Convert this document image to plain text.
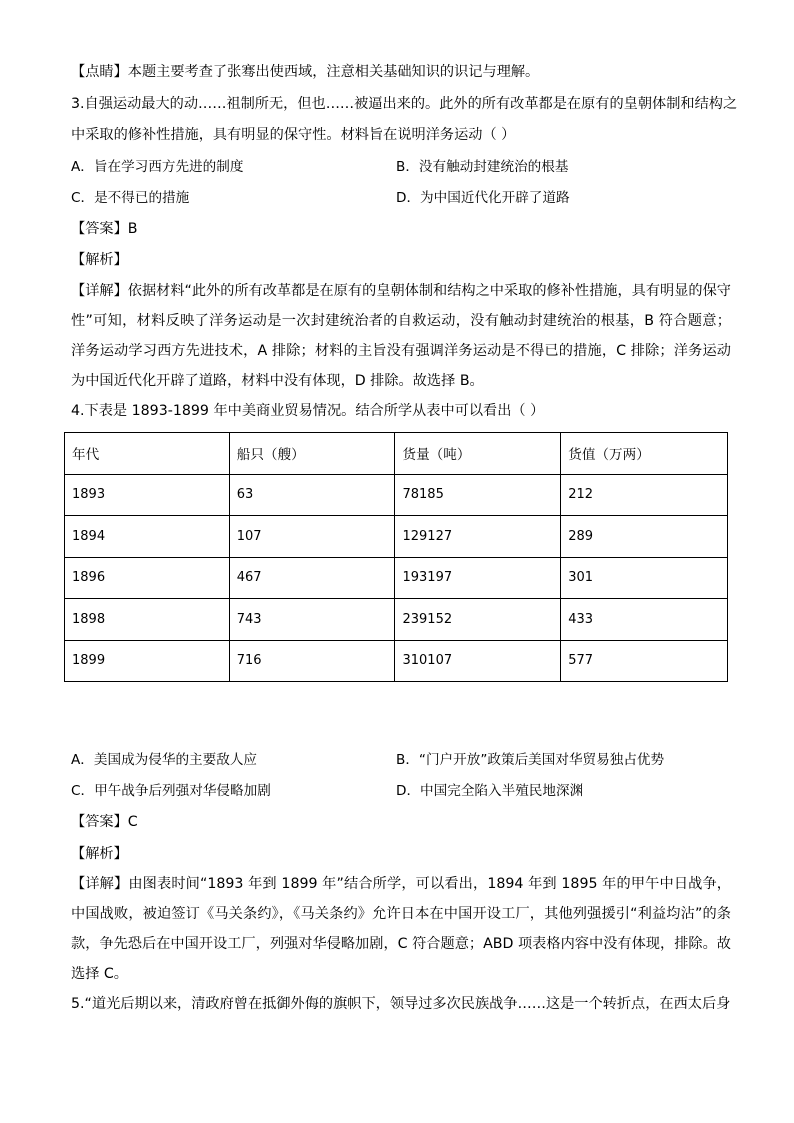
【点睛】本题主要考查了张骞出使西域，注意相关基础知识的识记与理解。
3.自强运动最大的动……祖制所无，但也……被逼出来的。此外的所有改革都是在原有的皇朝体制和结构之
中采取的修补性措施，具有明显的保守性。材料旨在说明洋务运动（ ）
A．旨在学习西方先进的制度	B．没有触动封建统治的根基
C．是不得已的措施	D．为中国近代化开辟了道路
【答案】B
【解析】
【详解】依据材料“此外的所有改革都是在原有的皇朝体制和结构之中采取的修补性措施，具有明显的保守性”可知，材料反映了洋务运动是一次封建统治者的自救运动，没有触动封建统治的根基，B 符合题意；洋务运动学习西方先进技术，A 排除；材料的主旨没有强调洋务运动是不得已的措施，C 排除；洋务运动为中国近代化开辟了道路，材料中没有体现，D 排除。故选择 B。
4.下表是 1893-1899 年中美商业贸易情况。结合所学从表中可以看出（ ）
年代	船只（艘）	货量（吨）	货值（万两）
1893	63	78185	212
1894	107	129127	289
1896	467	193197	301
1898	743	239152	433
1899	716	310107	577
A．美国成为侵华的主要敌人应	B．“门户开放”政策后美国对华贸易独占优势
C．甲午战争后列强对华侵略加剧	D．中国完全陷入半殖民地深渊
【答案】C
【解析】
【详解】由图表时间“1893 年到 1899 年”结合所学，可以看出，1894 年到 1895 年的甲午中日战争，中国战败，被迫签订《马关条约》，《马关条约》允许日本在中国开设工厂，其他列强援引“利益均沾”的条款，争先恐后在中国开设工厂，列强对华侵略加剧，C 符合题意；ABD 项表格内容中没有体现，排除。故选择 C。
5.“道光后期以来，清政府曾在抵御外侮的旗帜下，领导过多次民族战争……这是一个转折点，在西太后身
